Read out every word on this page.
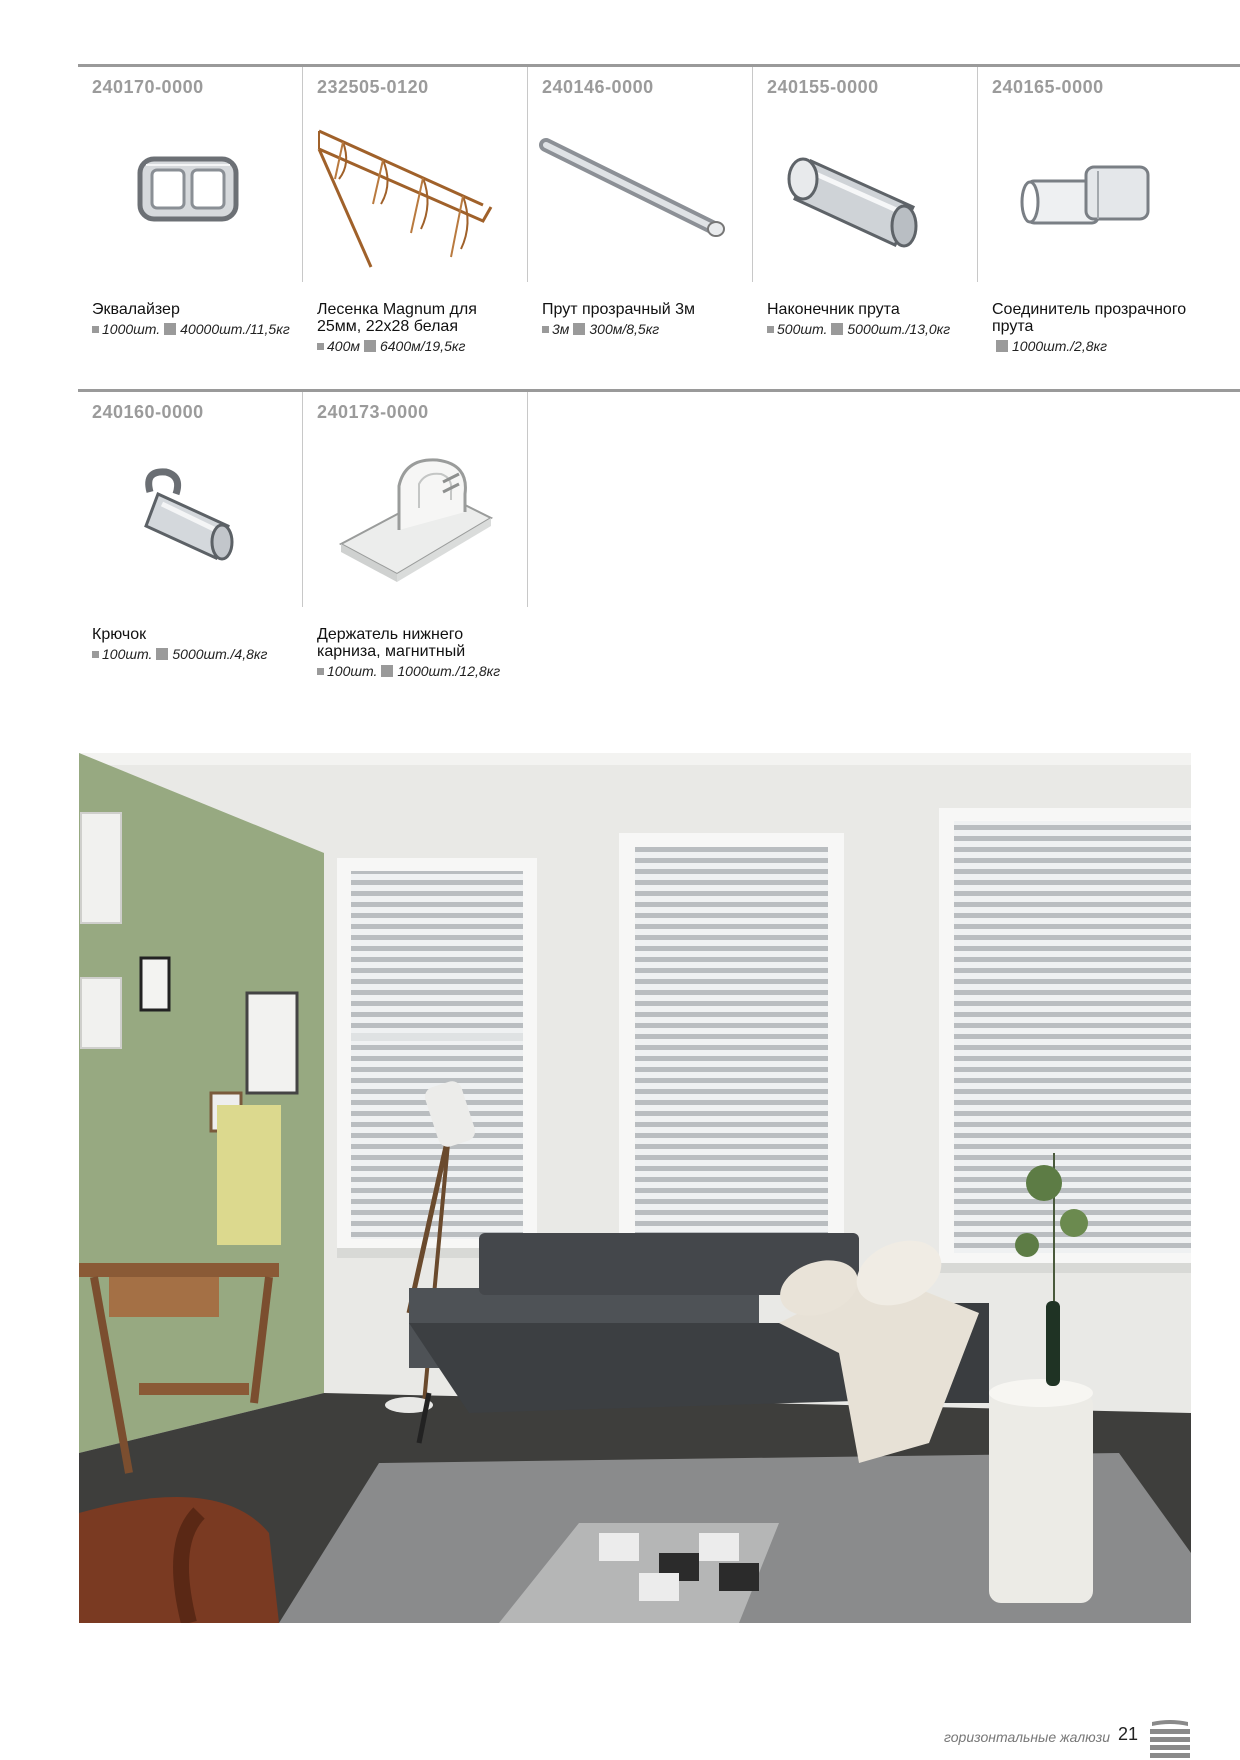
240170-0000
Эквалайзер
1000шт. 40000шт./11,5кг
232505-0120
Лесенка Magnum для 25мм, 22x28 белая
400м 6400м/19,5кг
240146-0000
Прут прозрачный 3м
3м 300м/8,5кг
240155-0000
Наконечник прута
500шт. 5000шт./13,0кг
240165-0000
Соединитель прозрачного прута
1000шт./2,8кг
240160-0000
Крючок
100шт. 5000шт./4,8кг
240173-0000
Держатель нижнего карниза, магнитный
100шт. 1000шт./12,8кг
горизонтальные жалюзи 21
